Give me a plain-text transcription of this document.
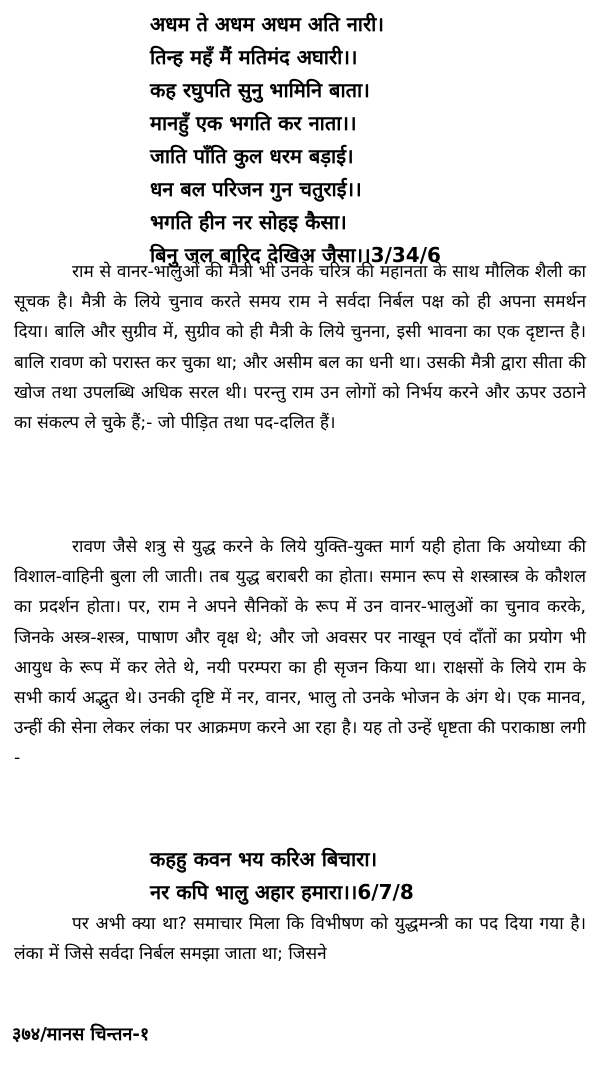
अधम ते अधम अधम अति नारी।
तिन्ह महँ मैं मतिमंद अघारी।।
कह रघुपति सुनु भामिनि बाता।
मानहुँ एक भगति कर नाता।।
जाति पाँति कुल धरम बड़ाई।
धन बल परिजन गुन चतुराई।।
भगति हीन नर सोहइ कैसा।
बिनु जल बारिद देखिअ जैसा।।3/34/6

राम से वानर-भालुओं की मैत्री भी उनके चरित्र की महानता के साथ मौलिक शैली का सूचक है। मैत्री के लिये चुनाव करते समय राम ने सर्वदा निर्बल पक्ष को ही अपना समर्थन दिया। बालि और सुग्रीव में, सुग्रीव को ही मैत्री के लिये चुनना, इसी भावना का एक दृष्टान्त है। बालि रावण को परास्त कर चुका था; और असीम बल का धनी था। उसकी मैत्री द्वारा सीता की खोज तथा उपलब्धि अधिक सरल थी। परन्तु राम उन लोगों को निर्भय करने और ऊपर उठाने का संकल्प ले चुके हैं;- जो पीड़ित तथा पद-दलित हैं।

रावण जैसे शत्रु से युद्ध करने के लिये युक्ति-युक्त मार्ग यही होता कि अयोध्या की विशाल-वाहिनी बुला ली जाती। तब युद्ध बराबरी का होता। समान रूप से शस्त्रास्त्र के कौशल का प्रदर्शन होता। पर, राम ने अपने सैनिकों के रूप में उन वानर-भालुओं का चुनाव करके, जिनके अस्त्र-शस्त्र, पाषाण और वृक्ष थे; और जो अवसर पर नाखून एवं दाँतों का प्रयोग भी आयुध के रूप में कर लेते थे, नयी परम्परा का ही सृजन किया था। राक्षसों के लिये राम के सभी कार्य अद्भुत थे। उनकी दृष्टि में नर, वानर, भालु तो उनके भोजन के अंग थे। एक मानव, उन्हीं की सेना लेकर लंका पर आक्रमण करने आ रहा है। यह तो उन्हें धृष्टता की पराकाष्ठा लगी -

कहहु कवन भय करिअ बिचारा।
नर कपि भालु अहार हमारा।।6/7/8

पर अभी क्या था? समाचार मिला कि विभीषण को युद्धमन्त्री का पद दिया गया है। लंका में जिसे सर्वदा निर्बल समझा जाता था; जिसने

३७४/मानस चिन्तन-१
